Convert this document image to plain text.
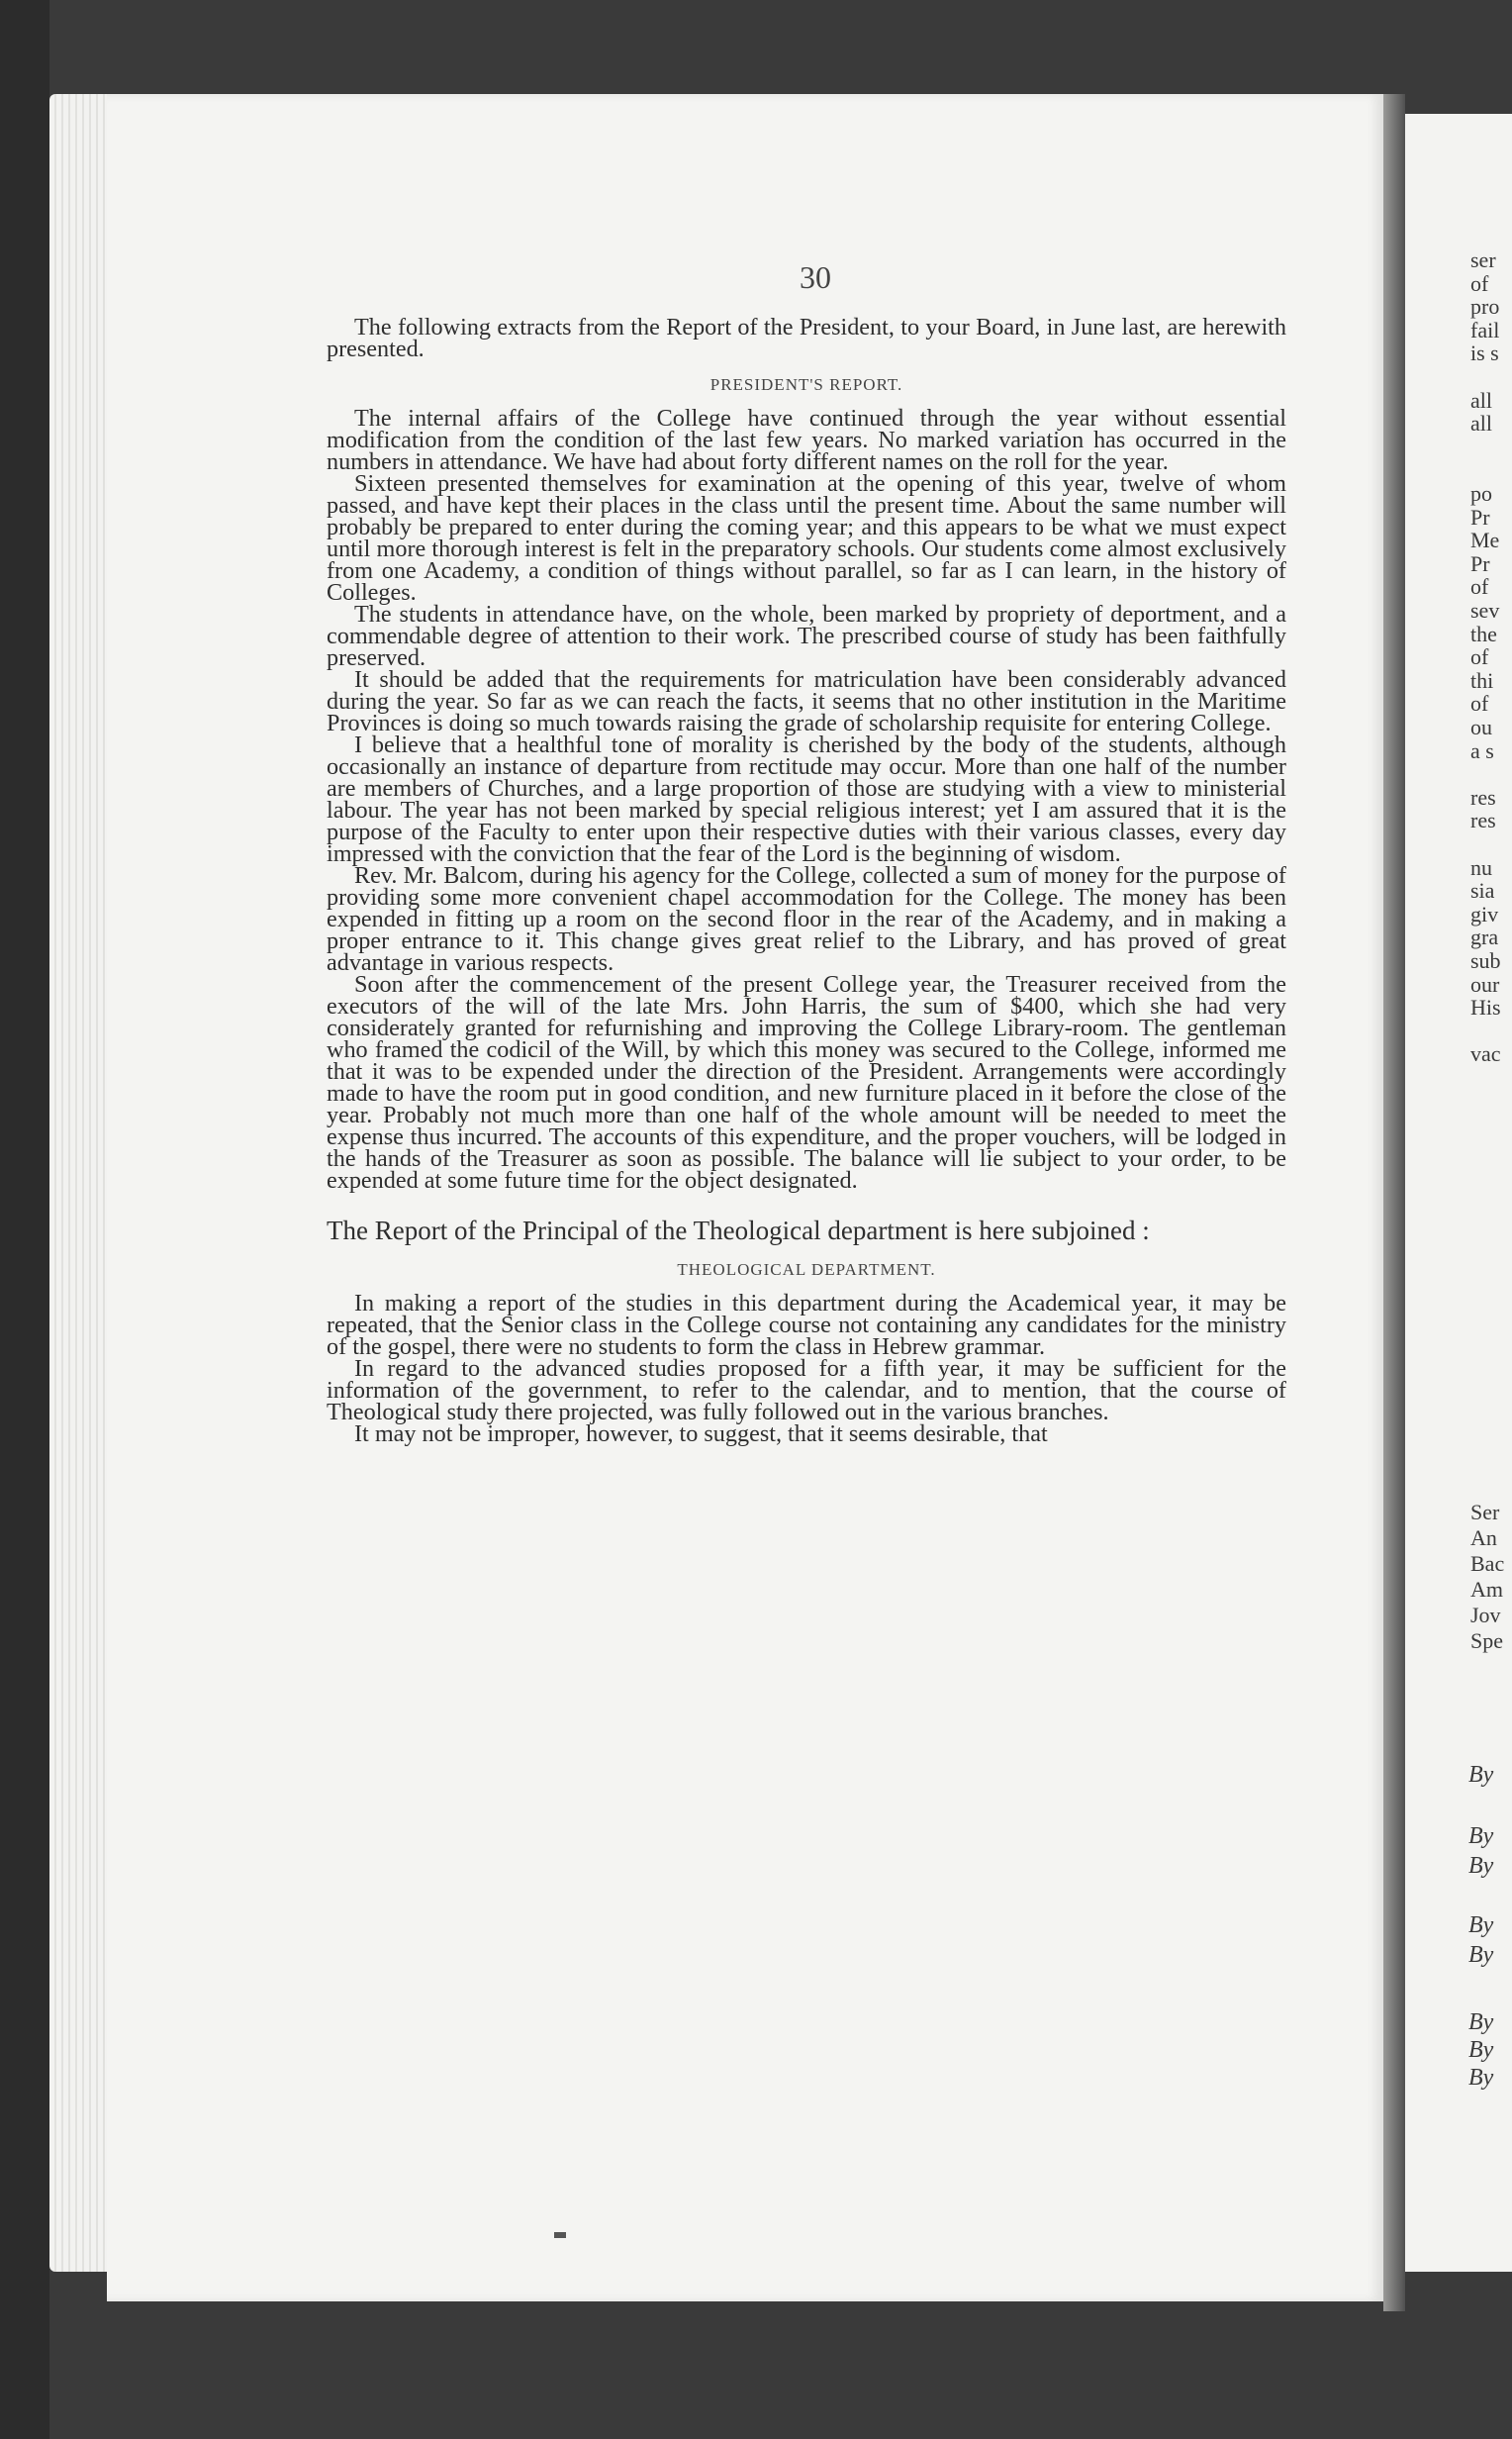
ser
of
pro
fail
is s
all
all
po
Pr
Me
Pr
of
sev
the
of
thi
of
ou
a s
res
res
nu
sia
giv
gra
sub
our
His
vac
Ser
An
Bac
Am
Jov
Spe
By
By
By
By
By
By
By
By
30

The following extracts from the Report of the President, to your Board, in June last, are herewith presented.

PRESIDENT'S REPORT.

The internal affairs of the College have continued through the year without essential modification from the condition of the last few years. No marked variation has occurred in the numbers in attendance. We have had about forty different names on the roll for the year.

Sixteen presented themselves for examination at the opening of this year, twelve of whom passed, and have kept their places in the class until the present time. About the same number will probably be prepared to enter during the coming year; and this appears to be what we must expect until more thorough interest is felt in the preparatory schools. Our students come almost exclusively from one Academy, a condition of things without parallel, so far as I can learn, in the history of Colleges.

The students in attendance have, on the whole, been marked by propriety of deportment, and a commendable degree of attention to their work. The prescribed course of study has been faithfully preserved.

It should be added that the requirements for matriculation have been considerably advanced during the year. So far as we can reach the facts, it seems that no other institution in the Maritime Provinces is doing so much towards raising the grade of scholarship requisite for entering College.

I believe that a healthful tone of morality is cherished by the body of the students, although occasionally an instance of departure from rectitude may occur. More than one half of the number are members of Churches, and a large proportion of those are studying with a view to ministerial labour. The year has not been marked by special religious interest; yet I am assured that it is the purpose of the Faculty to enter upon their respective duties with their various classes, every day impressed with the conviction that the fear of the Lord is the beginning of wisdom.

Rev. Mr. Balcom, during his agency for the College, collected a sum of money for the purpose of providing some more convenient chapel accommodation for the College. The money has been expended in fitting up a room on the second floor in the rear of the Academy, and in making a proper entrance to it. This change gives great relief to the Library, and has proved of great advantage in various respects.

Soon after the commencement of the present College year, the Treasurer received from the executors of the will of the late Mrs. John Harris, the sum of $400, which she had very considerately granted for refurnishing and improving the College Library-room. The gentleman who framed the codicil of the Will, by which this money was secured to the College, informed me that it was to be expended under the direction of the President. Arrangements were accordingly made to have the room put in good condition, and new furniture placed in it before the close of the year. Probably not much more than one half of the whole amount will be needed to meet the expense thus incurred. The accounts of this expenditure, and the proper vouchers, will be lodged in the hands of the Treasurer as soon as possible. The balance will lie subject to your order, to be expended at some future time for the object designated.

The Report of the Principal of the Theological department is here subjoined :

THEOLOGICAL DEPARTMENT.

In making a report of the studies in this department during the Academical year, it may be repeated, that the Senior class in the College course not containing any candidates for the ministry of the gospel, there were no students to form the class in Hebrew grammar.

In regard to the advanced studies proposed for a fifth year, it may be sufficient for the information of the government, to refer to the calendar, and to mention, that the course of Theological study there projected, was fully followed out in the various branches.

It may not be improper, however, to suggest, that it seems desirable, that
